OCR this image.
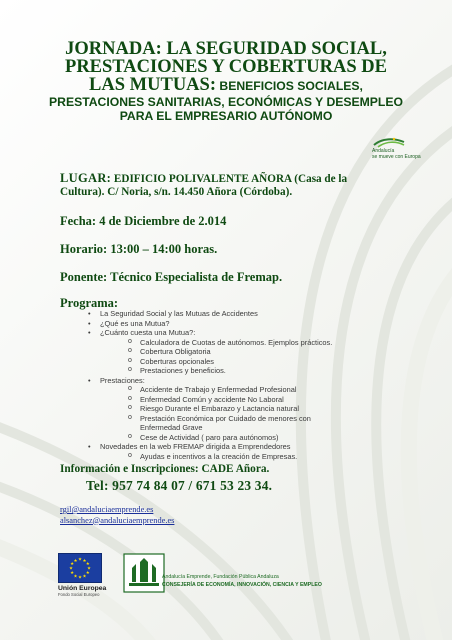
JORNADA: LA SEGURIDAD SOCIAL,
PRESTACIONES Y COBERTURAS DE
LAS MUTUAS: BENEFICIOS SOCIALES,
PRESTACIONES SANITARIAS, ECONÓMICAS Y DESEMPLEO
PARA EL EMPRESARIO AUTÓNOMO
Andalucía
se mueve con Europa
LUGAR: EDIFICIO POLIVALENTE AÑORA (Casa de la
Cultura). C/ Noria, s/n. 14.450 Añora (Córdoba).
Fecha: 4 de Diciembre de 2.014
Horario: 13:00 – 14:00 horas.
Ponente: Técnico Especialista de Fremap.
Programa:
• La Seguridad Social y las Mutuas de Accidentes
• ¿Qué es una Mutua?
• ¿Cuánto cuesta una Mutua?:
o Calculadora de Cuotas de autónomos. Ejemplos prácticos.
o Cobertura Obligatoria
o Coberturas opcionales
o Prestaciones y beneficios.
• Prestaciones:
o Accidente de Trabajo y Enfermedad Profesional
o Enfermedad Común y accidente No Laboral
o Riesgo Durante el Embarazo y Lactancia natural
o Prestación Económica por Cuidado de menores con
Enfermedad Grave
o Cese de Actividad ( paro para autónomos)
• Novedades en la web FREMAP dirigida a Emprendedores
o Ayudas e incentivos a la creación de Empresas.
Información e Inscripciones: CADE Añora.
Tel: 957 74 84 07 / 671 53 23 34.
rgil@andaluciaemprende.es
alsanchez@andaluciaemprende.es
★
★
★
★
★
★
★
★
★ ★ ★
★
Unión Europea
Fondo Social Europeo
Andalucía Emprende, Fundación Pública Andaluza
CONSEJERÍA DE ECONOMÍA, INNOVACIÓN, CIENCIA Y EMPLEO
